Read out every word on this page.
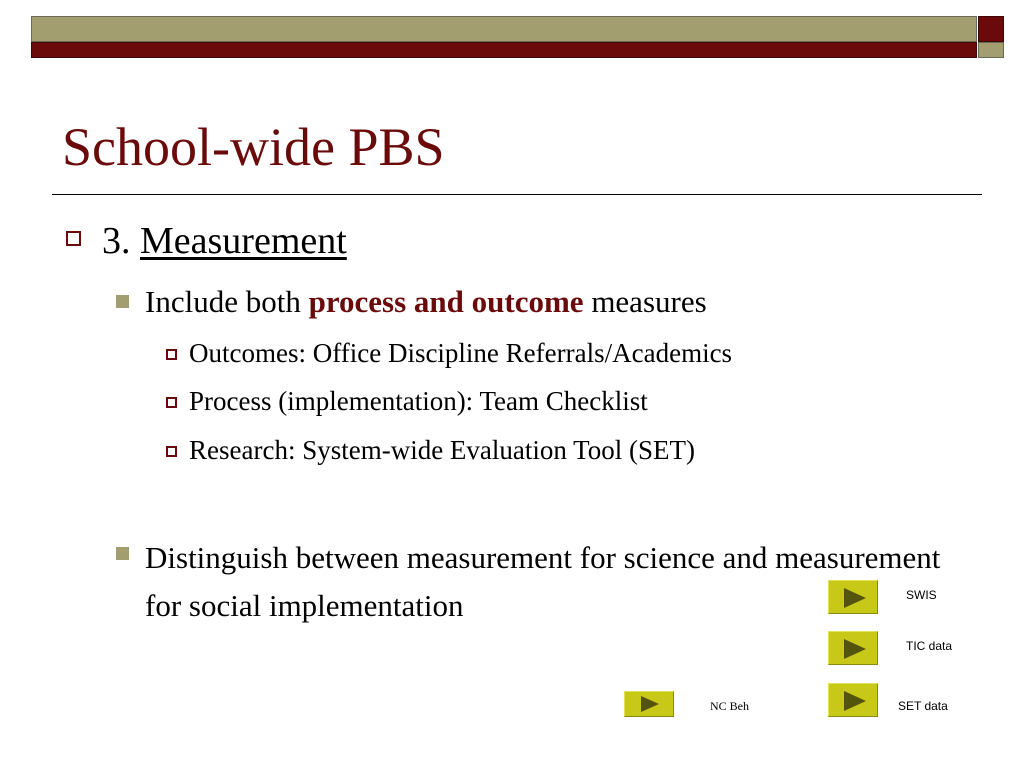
School-wide PBS
3. Measurement
Include both process and outcome measures
Outcomes: Office Discipline Referrals/Academics
Process (implementation): Team Checklist
Research: System-wide Evaluation Tool (SET)
Distinguish between measurement for science and measurement for social implementation	SWIS
TIC data
SET data
NC Beh
